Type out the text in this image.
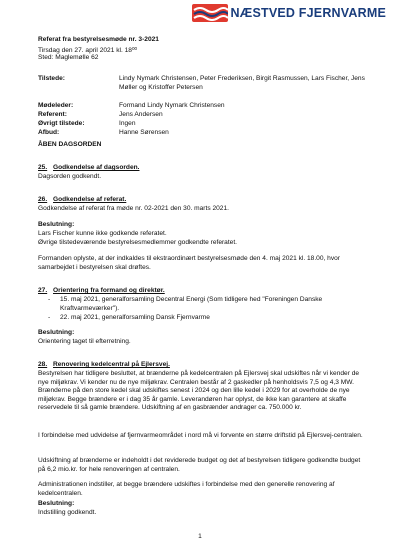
NÆSTVED FJERNVARME
Referat fra bestyrelsesmøde nr. 3-2021
Tirsdag den 27. april 2021 kl. $18^{00}$
Sted: Maglemølle 62
Tilstede:	Lindy Nymark Christensen, Peter Frederiksen, Birgit Rasmussen, Lars Fischer, Jens Møller og Kristoffer Petersen
Mødeleder:	Formand Lindy Nymark Christensen
Referent:	Jens Andersen
Øvrigt tilstede:	Ingen
Afbud:	Hanne Sørensen
ÅBEN DAGSORDEN
25. Godkendelse af dagsorden.
Dagsorden godkendt.
26. Godkendelse af referat.
Godkendelse af referat fra møde nr. 02-2021 den 30. marts 2021.
Beslutning:
Lars Fischer kunne ikke godkende referatet.
Øvrige tilstedeværende bestyrelsesmedlemmer godkendte referatet.
Formanden oplyste, at der indkaldes til ekstraordinært bestyrelsesmøde den 4. maj 2021 kl. 18.00, hvor samarbejdet i bestyrelsen skal drøftes.
27. Orientering fra formand og direktør.
-	15. maj 2021, generalforsamling Decentral Energi (Som tidligere hed "Foreningen Danske Kraftvarmeværker").
-	22. maj 2021, generalforsamling Dansk Fjernvarme
Beslutning:
Orientering taget til efterretning.
28. Renovering kedelcentral på Ejlersvej.
Bestyrelsen har tidligere besluttet, at brænderne på kedelcentralen på Ejlersvej skal udskiftes når vi kender de nye miljøkrav. Vi kender nu de nye miljøkrav. Centralen består af 2 gaskedler på henholdsvis 7,5 og 4,3 MW. Brænderne på den store kedel skal udskiftes senest i 2024 og den lille kedel i 2029 for at overholde de nye miljøkrav. Begge brændere er i dag 35 år gamle. Leverandøren har oplyst, de ikke kan garantere at skaffe reservedele til så gamle brændere. Udskiftning af en gasbrænder andrager ca. 750.000 kr.
I forbindelse med udvidelse af fjernvarmeområdet i nord må vi forvente en større driftstid på Ejlersvej-centralen.
Udskiftning af brænderne er indeholdt i det reviderede budget og det af bestyrelsen tidligere godkendte budget på 6,2 mio.kr. for hele renoveringen af centralen.
Administrationen indstiller, at begge brændere udskiftes i forbindelse med den generelle renovering af kedelcentralen.
Beslutning:
Indstilling godkendt.
1
